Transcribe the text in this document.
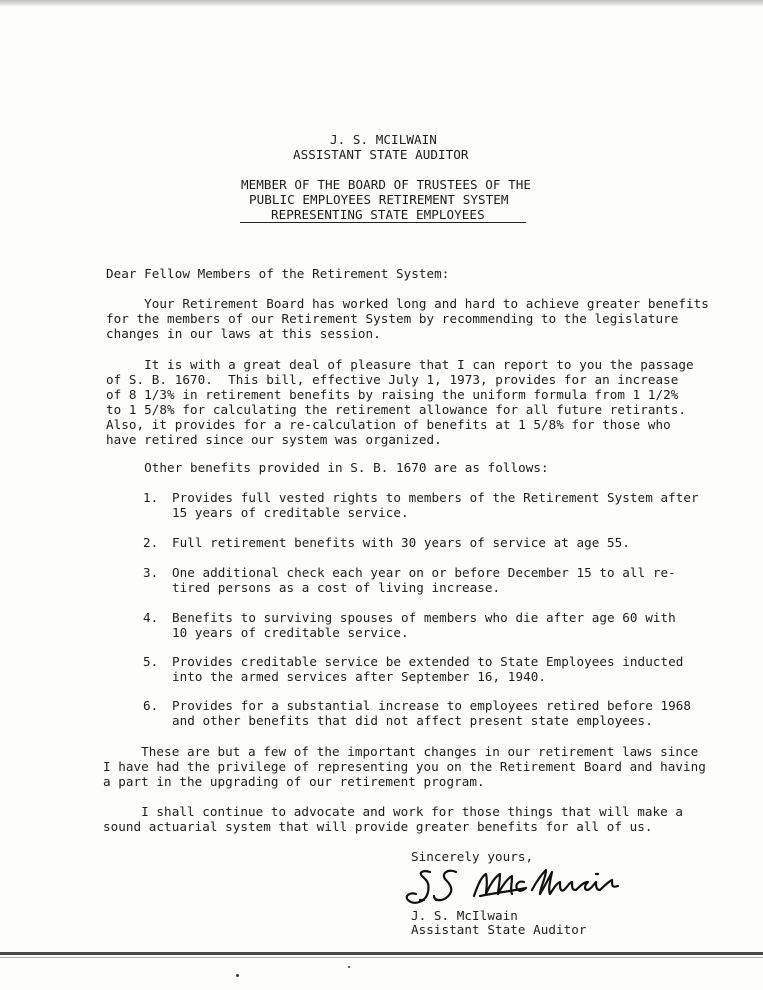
J. S. MCILWAIN
ASSISTANT STATE AUDITOR
MEMBER OF THE BOARD OF TRUSTEES OF THE
PUBLIC EMPLOYEES RETIREMENT SYSTEM
REPRESENTING STATE EMPLOYEES
Dear Fellow Members of the Retirement System:
Your Retirement Board has worked long and hard to achieve greater benefits
for the members of our Retirement System by recommending to the legislature
changes in our laws at this session.
It is with a great deal of pleasure that I can report to you the passage
of S. B. 1670.  This bill, effective July 1, 1973, provides for an increase
of 8 1/3% in retirement benefits by raising the uniform formula from 1 1/2%
to 1 5/8% for calculating the retirement allowance for all future retirants.
Also, it provides for a re-calculation of benefits at 1 5/8% for those who
have retired since our system was organized.
Other benefits provided in S. B. 1670 are as follows:
1. Provides full vested rights to members of the Retirement System after
15 years of creditable service.
2. Full retirement benefits with 30 years of service at age 55.
3. One additional check each year on or before December 15 to all re-
tired persons as a cost of living increase.
4. Benefits to surviving spouses of members who die after age 60 with
10 years of creditable service.
5. Provides creditable service be extended to State Employees inducted
into the armed services after September 16, 1940.
6. Provides for a substantial increase to employees retired before 1968
and other benefits that did not affect present state employees.
These are but a few of the important changes in our retirement laws since
I have had the privilege of representing you on the Retirement Board and having
a part in the upgrading of our retirement program.
I shall continue to advocate and work for those things that will make a
sound actuarial system that will provide greater benefits for all of us.
Sincerely yours,
J. S. McIlwain
Assistant State Auditor
